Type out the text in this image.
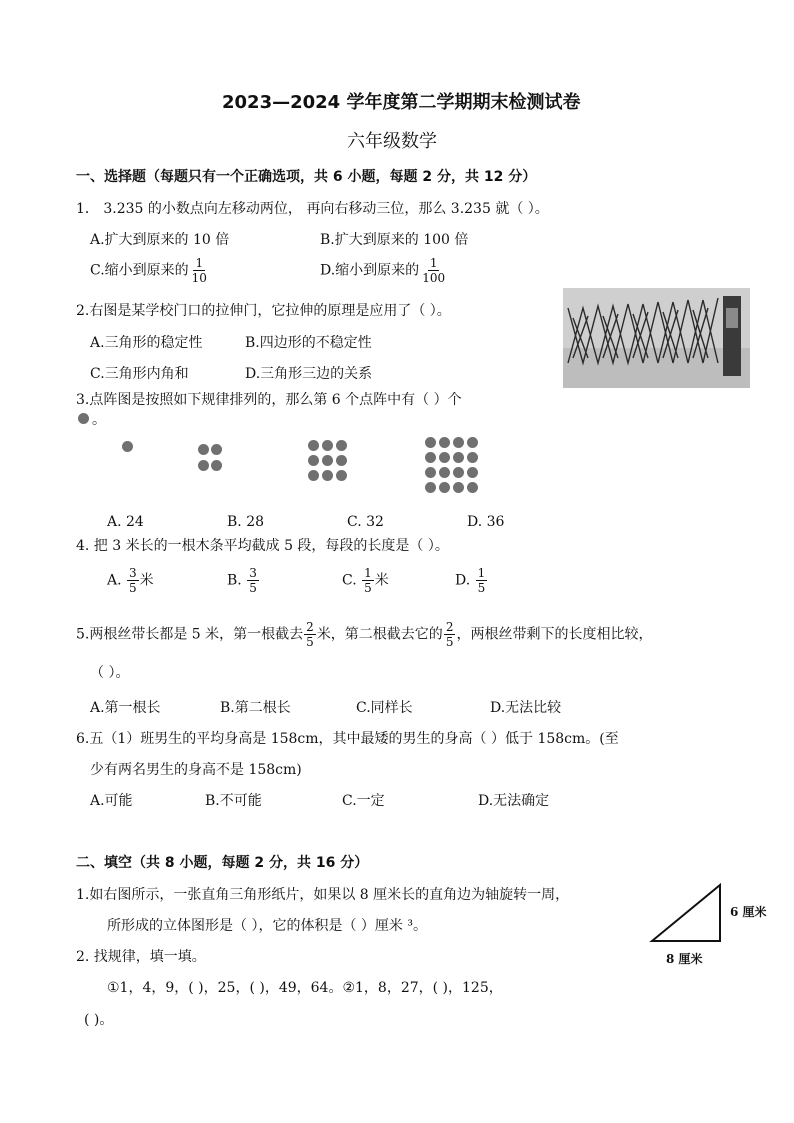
2023—2024 学年度第二学期期末检测试卷
六年级数学
一、选择题（每题只有一个正确选项，共 6 小题，每题 2 分，共 12 分）
1． 3.235 的小数点向左移动两位， 再向右移动三位，那么 3.235 就（ ）。
A.扩大到原来的 10 倍	B.扩大到原来的 100 倍
C.缩小到原来的 $\frac{1}{10}$	D.缩小到原来的 $\frac{1}{100}$
2.右图是某学校门口的拉伸门，它拉伸的原理是应用了（ ）。
A.三角形的稳定性	B.四边形的不稳定性
C.三角形内角和	D.三角形三边的关系
3.点阵图是按照如下规律排列的，那么第 6 个点阵中有（ ）个
。
A. 24	B. 28	C. 32	D. 36
4. 把 3 米长的一根木条平均截成 5 段，每段的长度是（ ）。
A. $\frac{3}{5}$ 米	B. $\frac{3}{5}$	C. $\frac{1}{5}$ 米	D. $\frac{1}{5}$
5.两根丝带长都是 5 米，第一根截去 $\frac{2}{5}$ 米，第二根截去它的 $\frac{2}{5}$ ，两根丝带剩下的长度相比较，
（ ）。
A.第一根长	B.第二根长	C.同样长	D.无法比较
6.五（1）班男生的平均身高是 158cm，其中最矮的男生的身高（ ）低于 158cm。(至
少有两名男生的身高不是 158cm)
A.可能	B.不可能	C.一定	D.无法确定
二、填空（共 8 小题，每题 2 分，共 16 分）
1.如右图所示，一张直角三角形纸片，如果以 8 厘米长的直角边为轴旋转一周，
所形成的立体图形是（ ），它的体积是（ ）厘米 ³。
6 厘米
8 厘米
2. 找规律，填一填。
①1，4，9，( )，25，( )，49，64。②1，8，27，( )，125，
( )。
